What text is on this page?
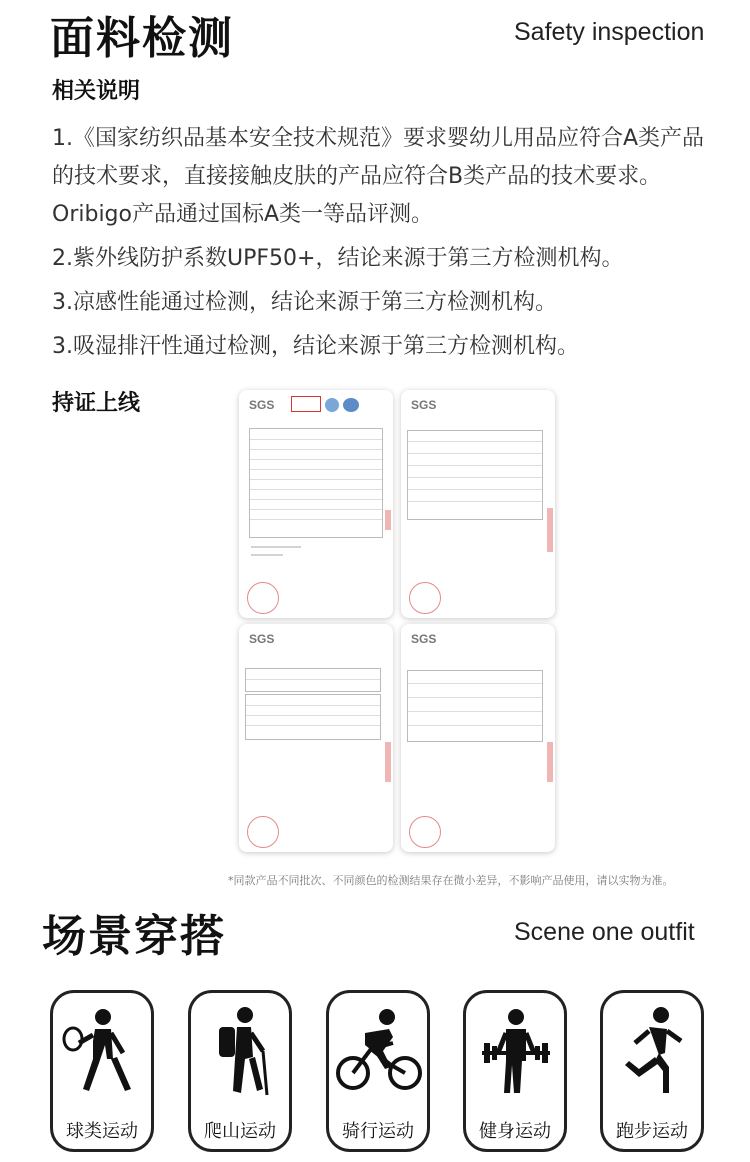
面料检测	Safety inspection
相关说明

1.《国家纺织品基本安全技术规范》要求婴幼儿用品应符合A类产品的技术要求，直接接触皮肤的产品应符合B类产品的技术要求。Oribigo产品通过国标A类一等品评测。

2.紫外线防护系数UPF50+，结论来源于第三方检测机构。

3.凉感性能通过检测，结论来源于第三方检测机构。

3.吸湿排汗性通过检测，结论来源于第三方检测机构。

持证上线	SGS	SGS
SGS	SGS
*同款产品不同批次、不同颜色的检测结果存在微小差异，不影响产品使用，请以实物为准。
场景穿搭	Scene one outfit
球类运动	爬山运动	骑行运动	健身运动	跑步运动
